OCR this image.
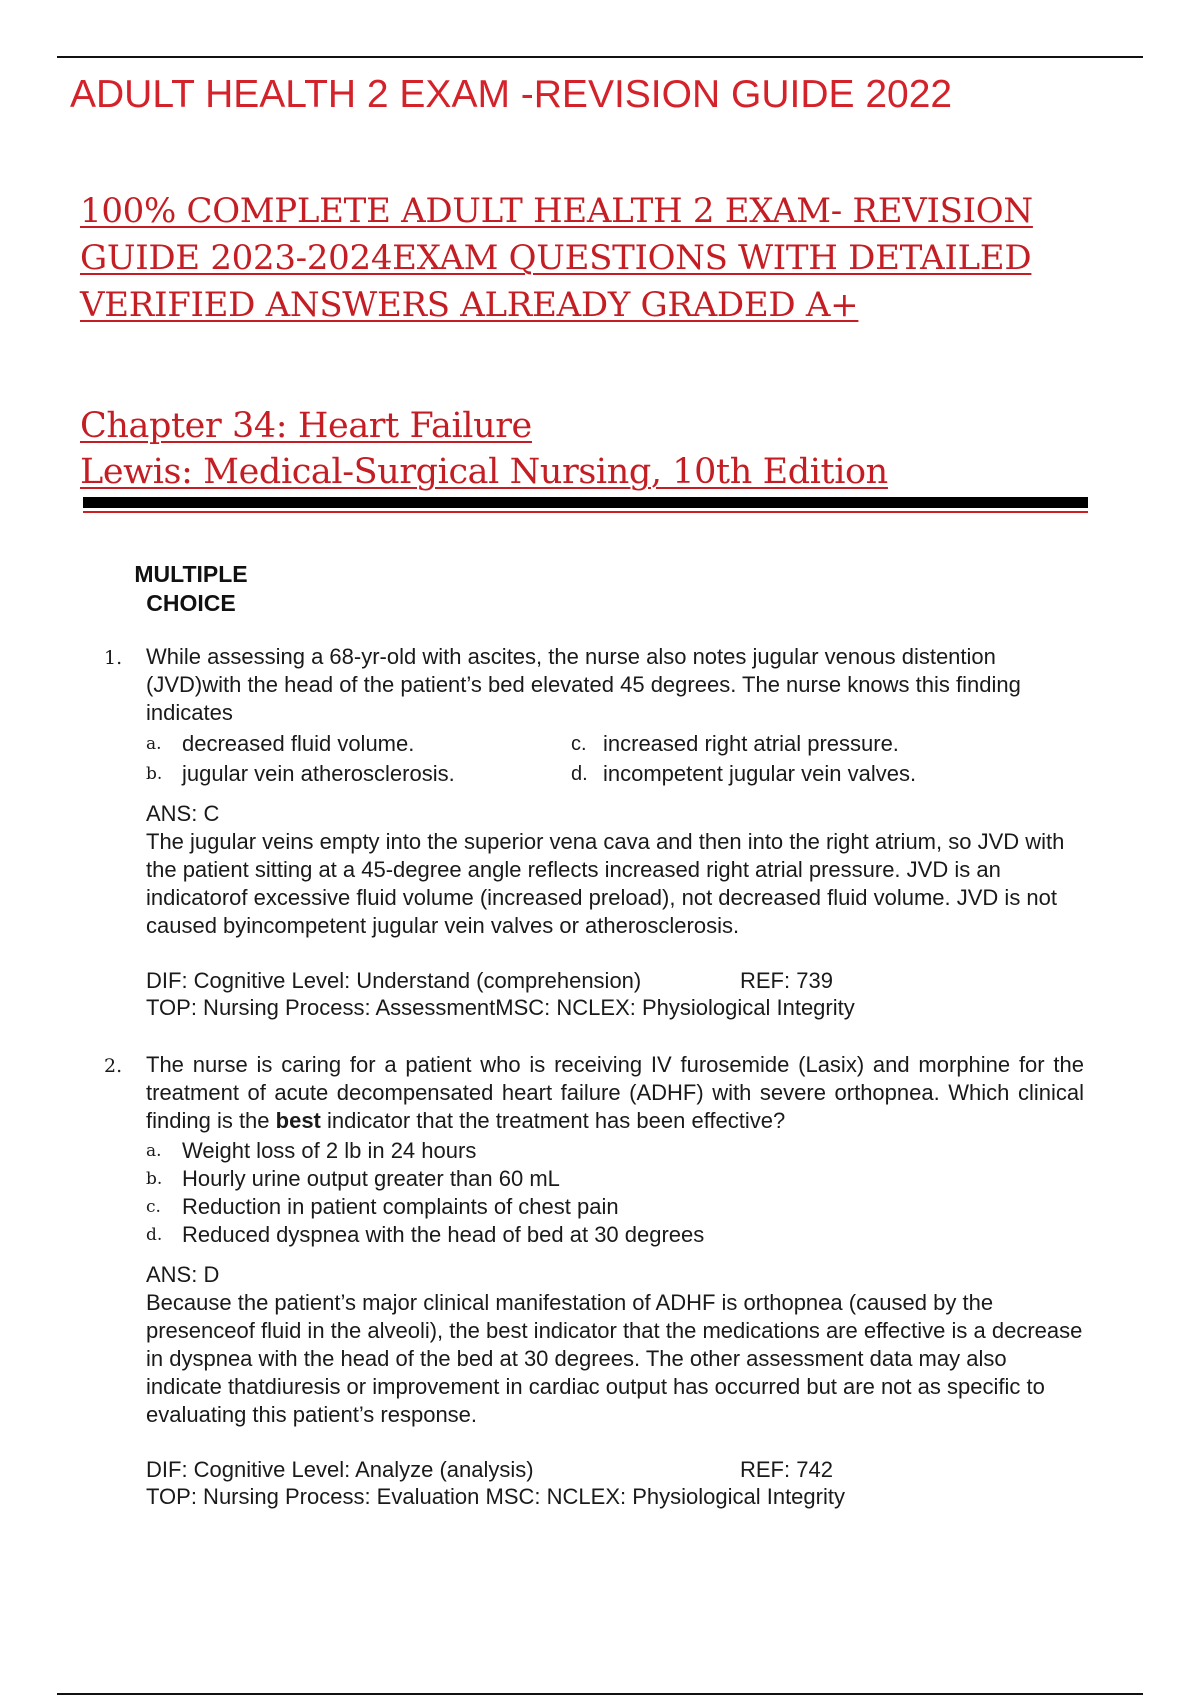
ADULT HEALTH 2 EXAM -REVISION GUIDE 2022
100% COMPLETE ADULT HEALTH 2 EXAM- REVISION
GUIDE 2023-2024EXAM QUESTIONS WITH DETAILED
VERIFIED ANSWERS ALREADY GRADED A+
Chapter 34: Heart Failure
Lewis: Medical-Surgical Nursing, 10th Edition
MULTIPLE
CHOICE
1.	While assessing a 68-yr-old with ascites, the nurse also notes jugular venous distention (JVD)with the head of the patient’s bed elevated 45 degrees. The nurse knows this finding indicates

a. decreased fluid volume.	c. increased right atrial pressure.
b. jugular vein atherosclerosis.	d. incompetent jugular vein valves.
ANS: C

The jugular veins empty into the superior vena cava and then into the right atrium, so JVD with the patient sitting at a 45-degree angle reflects increased right atrial pressure. JVD is an indicatorof excessive fluid volume (increased preload), not decreased fluid volume. JVD is not caused byincompetent jugular vein valves or atherosclerosis.

DIF: Cognitive Level: Understand (comprehension)	REF: 739
TOP: Nursing Process: AssessmentMSC: NCLEX: Physiological Integrity
2.	The nurse is caring for a patient who is receiving IV furosemide (Lasix) and morphine for the treatment of acute decompensated heart failure (ADHF) with severe orthopnea. Which clinical finding is the best indicator that the treatment has been effective?

a. Weight loss of 2 lb in 24 hours
b. Hourly urine output greater than 60 mL
c. Reduction in patient complaints of chest pain
d. Reduced dyspnea with the head of bed at 30 degrees
ANS: D

Because the patient’s major clinical manifestation of ADHF is orthopnea (caused by the presenceof fluid in the alveoli), the best indicator that the medications are effective is a decrease in dyspnea with the head of the bed at 30 degrees. The other assessment data may also indicate thatdiuresis or improvement in cardiac output has occurred but are not as specific to evaluating this patient’s response.

DIF: Cognitive Level: Analyze (analysis)	REF: 742
TOP: Nursing Process: Evaluation MSC: NCLEX: Physiological Integrity
